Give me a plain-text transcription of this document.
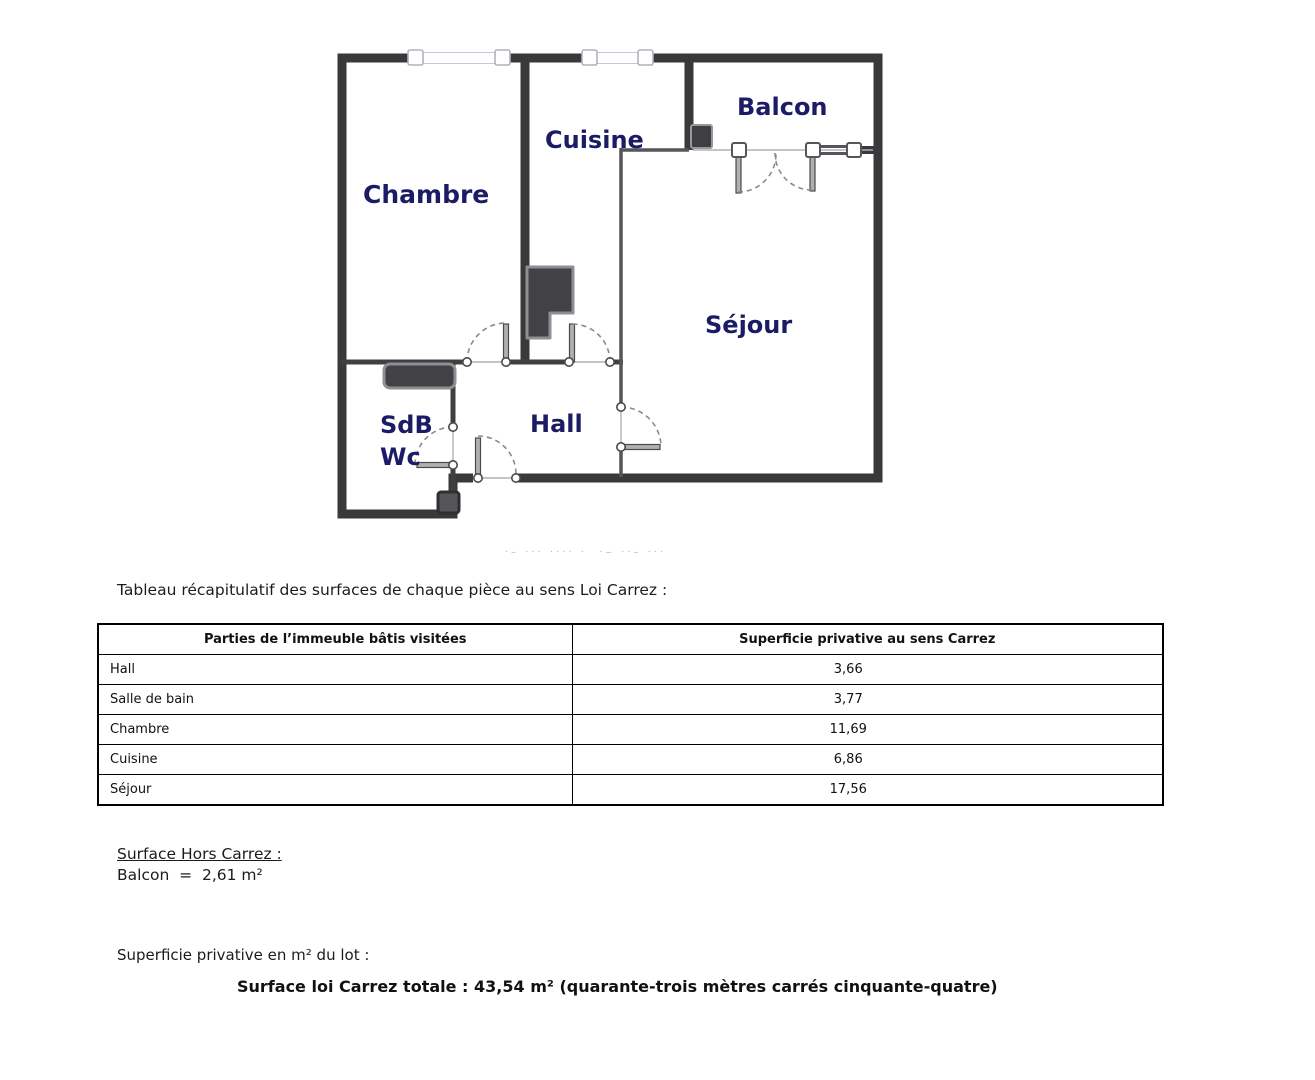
Chambre
Cuisine
Balcon
Séjour
SdB
Wc
Hall
·– ··· ···· ·  ·‒ ··– ···
Tableau récapitulatif des surfaces de chaque pièce au sens Loi Carrez :
Parties de l’immeuble bâtis visitées	Superficie privative au sens Carrez
Hall	3,66
Salle de bain	3,77
Chambre	11,69
Cuisine	6,86
Séjour	17,56
Surface Hors Carrez :
Balcon  =  2,61 m²
Superficie privative en m² du lot :
Surface loi Carrez totale : 43,54 m² (quarante-trois mètres carrés cinquante-quatre)
